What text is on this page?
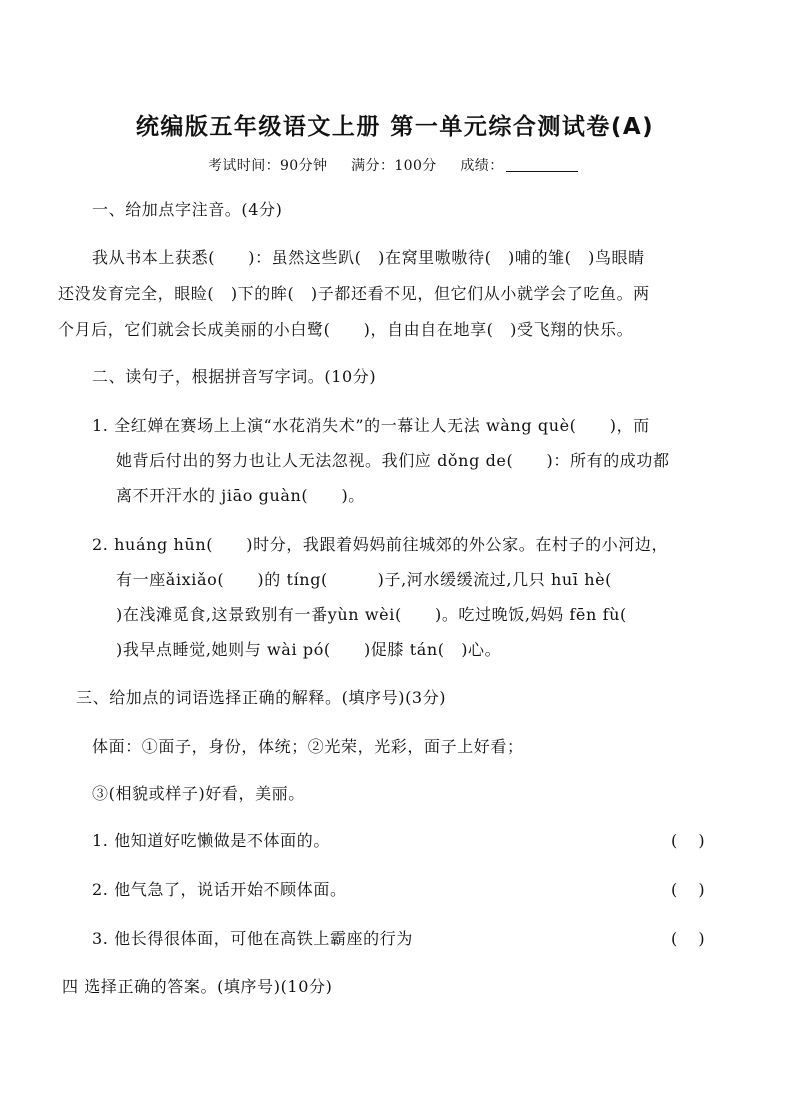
统编版五年级语文上册 第一单元综合测试卷(A)
考试时间：90分钟 满分：100分 成绩：
一、给加点字注音。(4分)
我从书本上获悉(　　)：虽然这些趴(　)在窝里嗷嗷待(　)哺的雏(　)鸟眼睛
还没发育完全，眼睑(　)下的眸(　)子都还看不见，但它们从小就学会了吃鱼。两
个月后，它们就会长成美丽的小白鹭(　　)，自由自在地享(　)受飞翔的快乐。
二、读句子，根据拼音写字词。(10分)
1. 全红婵在赛场上上演“水花消失术”的一幕让人无法 wàng què(　　)，而
她背后付出的努力也让人无法忽视。我们应 dǒng de(　　)：所有的成功都
离不开汗水的 jiāo guàn(　　)。
2. huáng hūn(　　)时分，我跟着妈妈前往城郊的外公家。在村子的小河边，
有一座ǎixiǎo(　　)的 tíng(　　　)子,河水缓缓流过,几只 huī hè(
)在浅滩觅食,这景致别有一番yùn wèi(　　)。吃过晚饭,妈妈 fēn fù(
)我早点睡觉,她则与 wài pó(　　)促膝 tán(　)心。
三、给加点的词语选择正确的解释。(填序号)(3分)
体面：①面子，身份，体统；②光荣，光彩，面子上好看；
③(相貌或样子)好看，美丽。
1. 他知道好吃懒做是不体面的。	(　 )
2. 他气急了，说话开始不顾体面。	(　 )
3. 他长得很体面，可他在高铁上霸座的行为	(　 )
四 选择正确的答案。(填序号)(10分)
